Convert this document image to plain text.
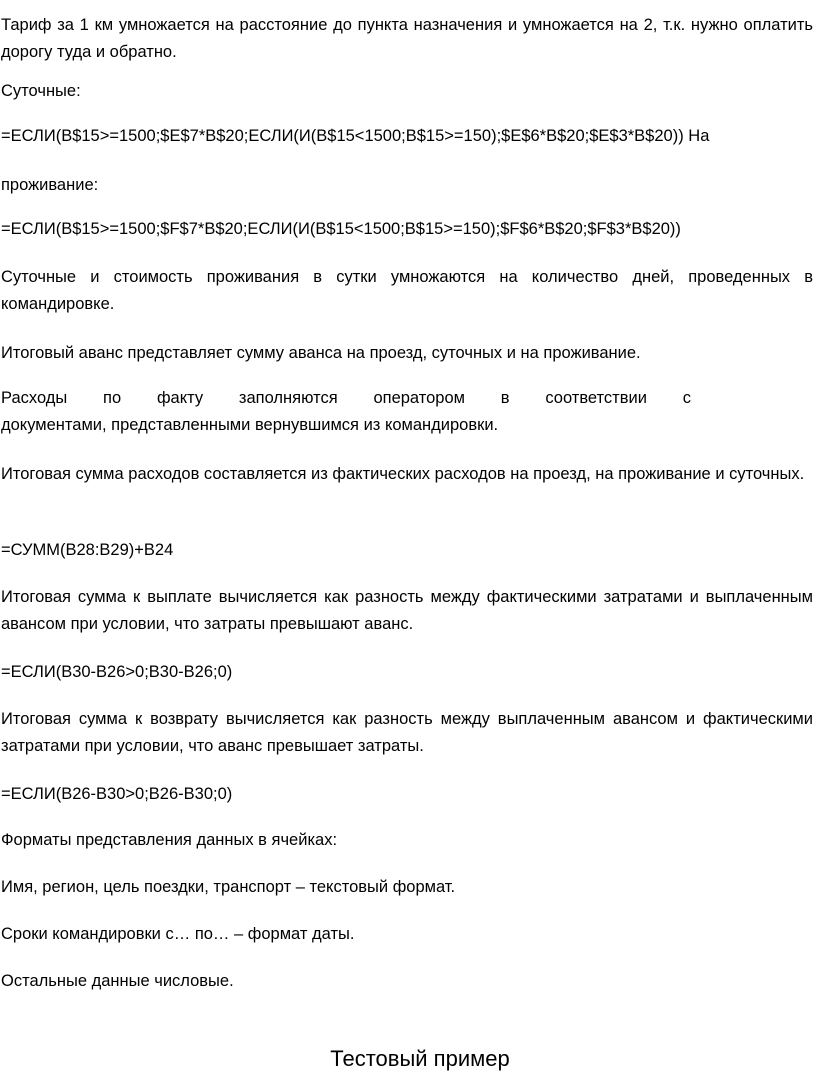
Тариф за 1 км умножается на расстояние до пункта назначения и умножается на 2, т.к. нужно оплатить дорогу туда и обратно.

Суточные:

=ЕСЛИ(B$15>=1500;$E$7*B$20;ЕСЛИ(И(B$15<1500;B$15>=150);$E$6*B$20;$E$3*B$20)) На

проживание:

=ЕСЛИ(B$15>=1500;$F$7*B$20;ЕСЛИ(И(B$15<1500;B$15>=150);$F$6*B$20;$F$3*B$20))

Суточные и стоимость проживания в сутки умножаются на количество дней, проведенных в командировке.

Итоговый аванс представляет сумму аванса на проезд, суточных и на проживание.

Расходы по факту заполняются оператором в соответствии с
документами, представленными вернувшимся из командировки.

Итоговая сумма расходов составляется из фактических расходов на проезд, на проживание и суточных.

=СУММ(B28:B29)+B24

Итоговая сумма к выплате вычисляется как разность между фактическими затратами и выплаченным авансом при условии, что затраты превышают аванс.

=ЕСЛИ(B30-B26>0;B30-B26;0)

Итоговая сумма к возврату вычисляется как разность между выплаченным авансом и фактическими затратами при условии, что аванс превышает затраты.

=ЕСЛИ(B26-B30>0;B26-B30;0)

Форматы представления данных в ячейках:

Имя, регион, цель поездки, транспорт – текстовый формат.

Сроки командировки с… по… – формат даты.

Остальные данные числовые.

Тестовый пример
